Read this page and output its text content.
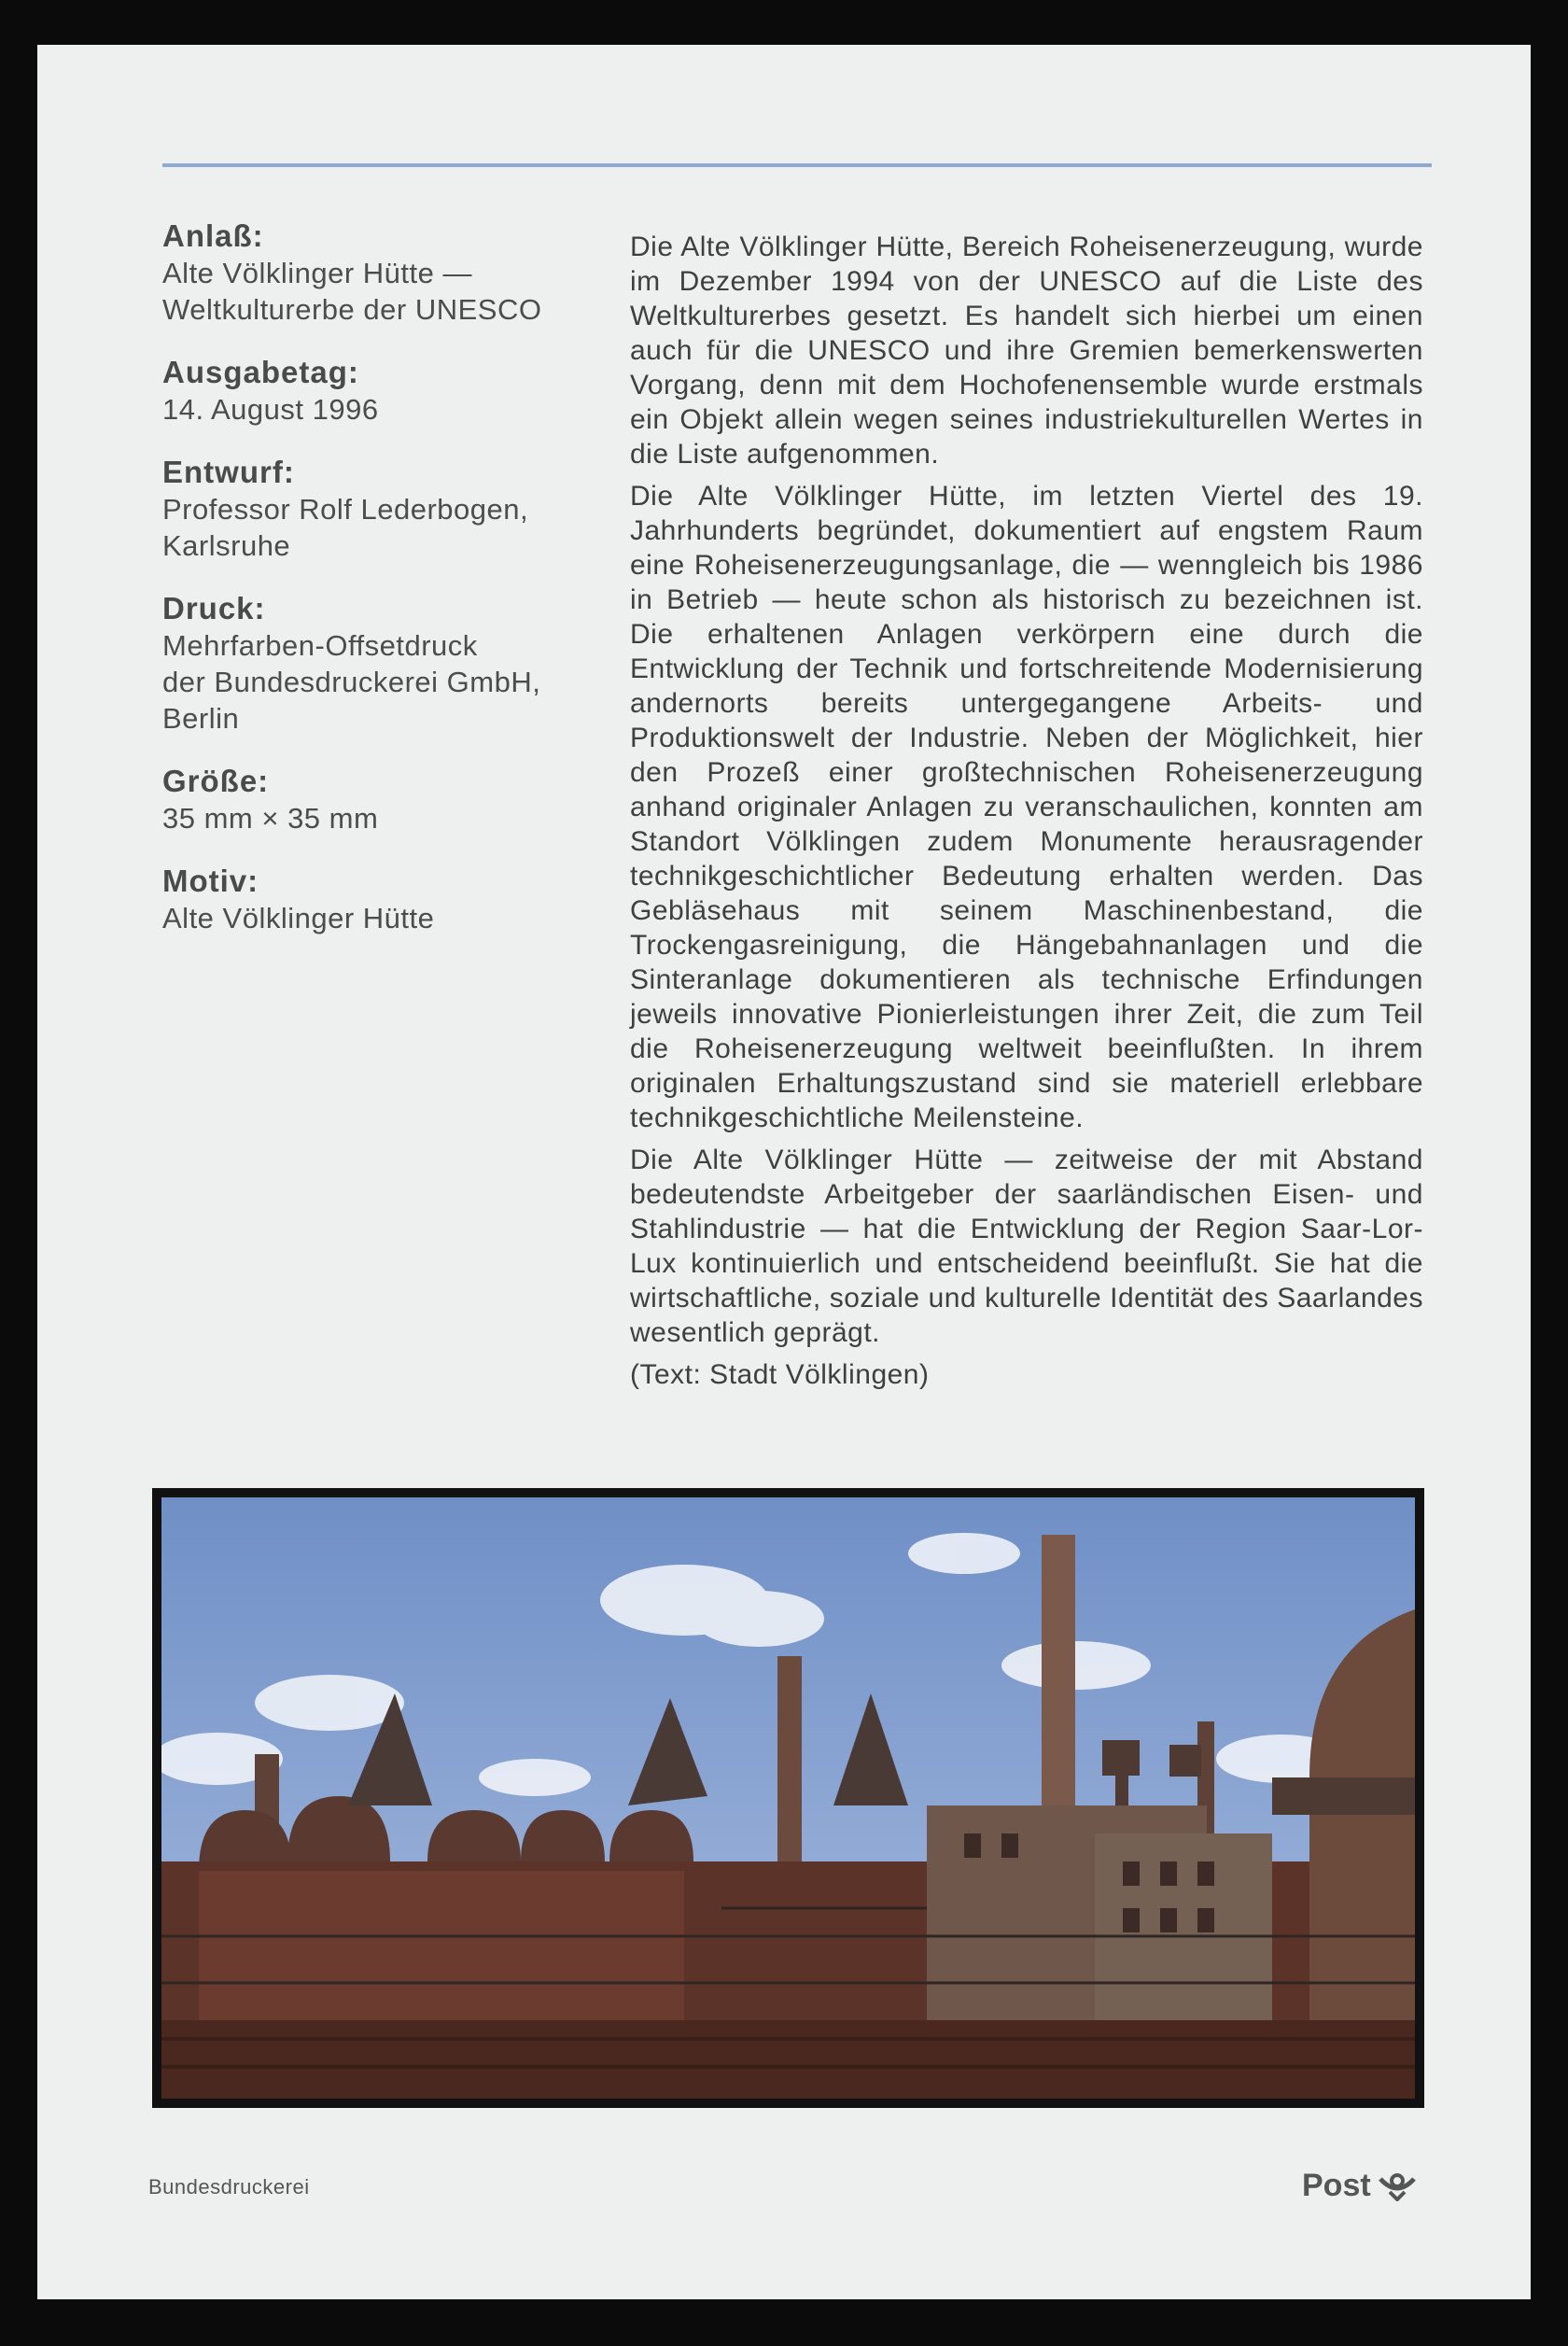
Anlaß:
Alte Völklinger Hütte —
Weltkulturerbe der UNESCO
Ausgabetag:
14. August 1996
Entwurf:
Professor Rolf Lederbogen,
Karlsruhe
Druck:
Mehrfarben-Offsetdruck
der Bundesdruckerei GmbH,
Berlin
Größe:
35 mm × 35 mm
Motiv:
Alte Völklinger Hütte

Die Alte Völklinger Hütte, Bereich Roheisenerzeugung, wurde im Dezember 1994 von der UNESCO auf die Liste des Weltkulturerbes gesetzt. Es handelt sich hierbei um einen auch für die UNESCO und ihre Gremien bemerkenswerten Vorgang, denn mit dem Hochofenensemble wurde erstmals ein Objekt allein wegen seines industriekulturellen Wertes in die Liste aufgenommen.

Die Alte Völklinger Hütte, im letzten Viertel des 19. Jahrhunderts begründet, dokumentiert auf engstem Raum eine Roheisenerzeugungsanlage, die — wenngleich bis 1986 in Betrieb — heute schon als historisch zu bezeichnen ist. Die erhaltenen Anlagen verkörpern eine durch die Entwicklung der Technik und fortschreitende Modernisierung andernorts bereits untergegangene Arbeits- und Produktionswelt der Industrie. Neben der Möglichkeit, hier den Prozeß einer großtechnischen Roheisenerzeugung anhand originaler Anlagen zu veranschaulichen, konnten am Standort Völklingen zudem Monumente herausragender technikgeschichtlicher Bedeutung erhalten werden. Das Gebläsehaus mit seinem Maschinenbestand, die Trockengasreinigung, die Hängebahnanlagen und die Sinteranlage dokumentieren als technische Erfindungen jeweils innovative Pionierleistungen ihrer Zeit, die zum Teil die Roheisenerzeugung weltweit beeinflußten. In ihrem originalen Erhaltungszustand sind sie materiell erlebbare technikgeschichtliche Meilensteine.

Die Alte Völklinger Hütte — zeitweise der mit Abstand bedeutendste Arbeitgeber der saarländischen Eisen- und Stahlindustrie — hat die Entwicklung der Region Saar-Lor-Lux kontinuierlich und entscheidend beeinflußt. Sie hat die wirtschaftliche, soziale und kulturelle Identität des Saarlandes wesentlich geprägt.

(Text: Stadt Völklingen)

Bundesdruckerei	Post
